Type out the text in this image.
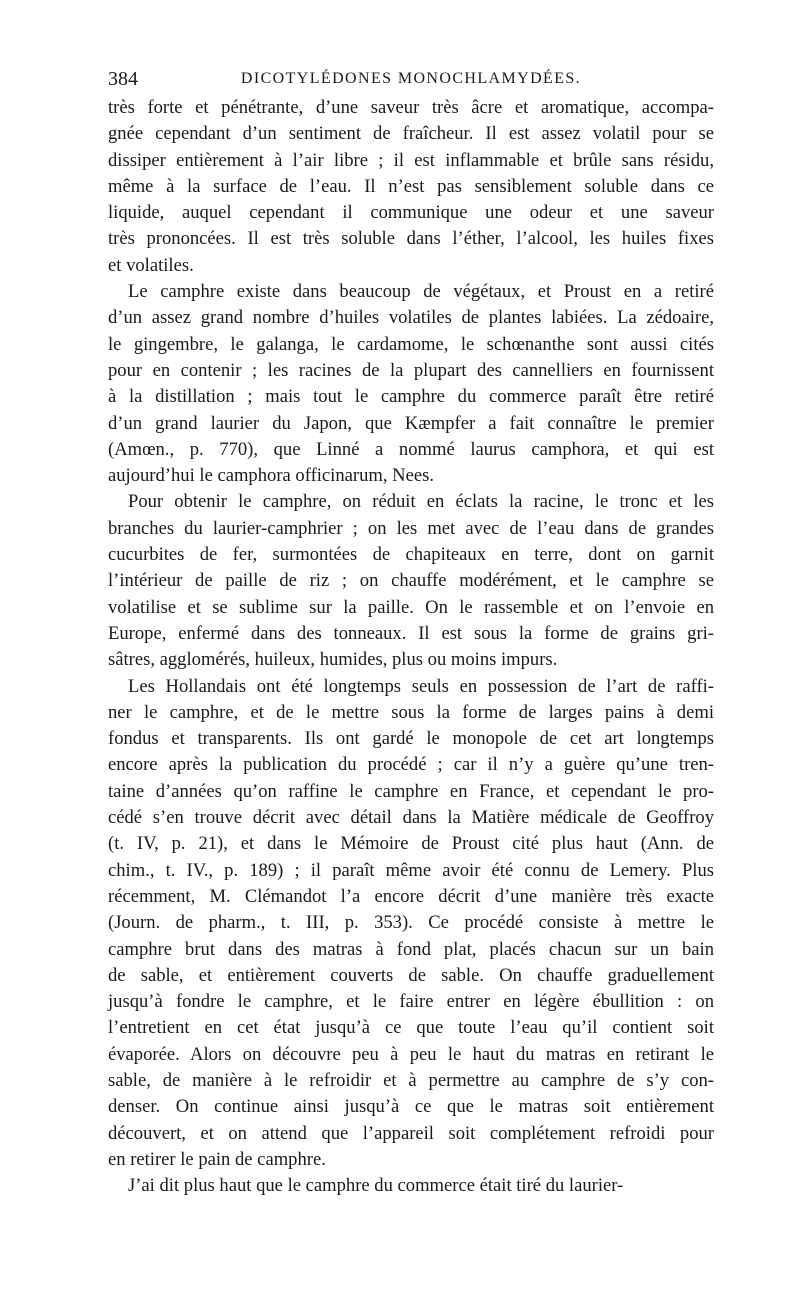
384	DICOTYLÉDONES MONOCHLAMYDÉES.
très forte et pénétrante, d’une saveur très âcre et aromatique, accompa-
gnée cependant d’un sentiment de fraîcheur. Il est assez volatil pour se
dissiper entièrement à l’air libre ; il est inflammable et brûle sans résidu,
même à la surface de l’eau. Il n’est pas sensiblement soluble dans ce
liquide, auquel cependant il communique une odeur et une saveur
très prononcées. Il est très soluble dans l’éther, l’alcool, les huiles fixes
et volatiles.
Le camphre existe dans beaucoup de végétaux, et Proust en a retiré
d’un assez grand nombre d’huiles volatiles de plantes labiées. La zédoaire,
le gingembre, le galanga, le cardamome, le schœnanthe sont aussi cités
pour en contenir ; les racines de la plupart des cannelliers en fournissent
à la distillation ; mais tout le camphre du commerce paraît être retiré
d’un grand laurier du Japon, que Kæmpfer a fait connaître le premier
(Amœn., p. 770), que Linné a nommé laurus camphora, et qui est
aujourd’hui le camphora officinarum, Nees.
Pour obtenir le camphre, on réduit en éclats la racine, le tronc et les
branches du laurier-camphrier ; on les met avec de l’eau dans de grandes
cucurbites de fer, surmontées de chapiteaux en terre, dont on garnit
l’intérieur de paille de riz ; on chauffe modérément, et le camphre se
volatilise et se sublime sur la paille. On le rassemble et on l’envoie en
Europe, enfermé dans des tonneaux. Il est sous la forme de grains gri-
sâtres, agglomérés, huileux, humides, plus ou moins impurs.
Les Hollandais ont été longtemps seuls en possession de l’art de raffi-
ner le camphre, et de le mettre sous la forme de larges pains à demi
fondus et transparents. Ils ont gardé le monopole de cet art longtemps
encore après la publication du procédé ; car il n’y a guère qu’une tren-
taine d’années qu’on raffine le camphre en France, et cependant le pro-
cédé s’en trouve décrit avec détail dans la Matière médicale de Geoffroy
(t. IV, p. 21), et dans le Mémoire de Proust cité plus haut (Ann. de
chim., t. IV., p. 189) ; il paraît même avoir été connu de Lemery. Plus
récemment, M. Clémandot l’a encore décrit d’une manière très exacte
(Journ. de pharm., t. III, p. 353). Ce procédé consiste à mettre le
camphre brut dans des matras à fond plat, placés chacun sur un bain
de sable, et entièrement couverts de sable. On chauffe graduellement
jusqu’à fondre le camphre, et le faire entrer en légère ébullition : on
l’entretient en cet état jusqu’à ce que toute l’eau qu’il contient soit
évaporée. Alors on découvre peu à peu le haut du matras en retirant le
sable, de manière à le refroidir et à permettre au camphre de s’y con-
denser. On continue ainsi jusqu’à ce que le matras soit entièrement
découvert, et on attend que l’appareil soit complétement refroidi pour
en retirer le pain de camphre.
J’ai dit plus haut que le camphre du commerce était tiré du laurier-
